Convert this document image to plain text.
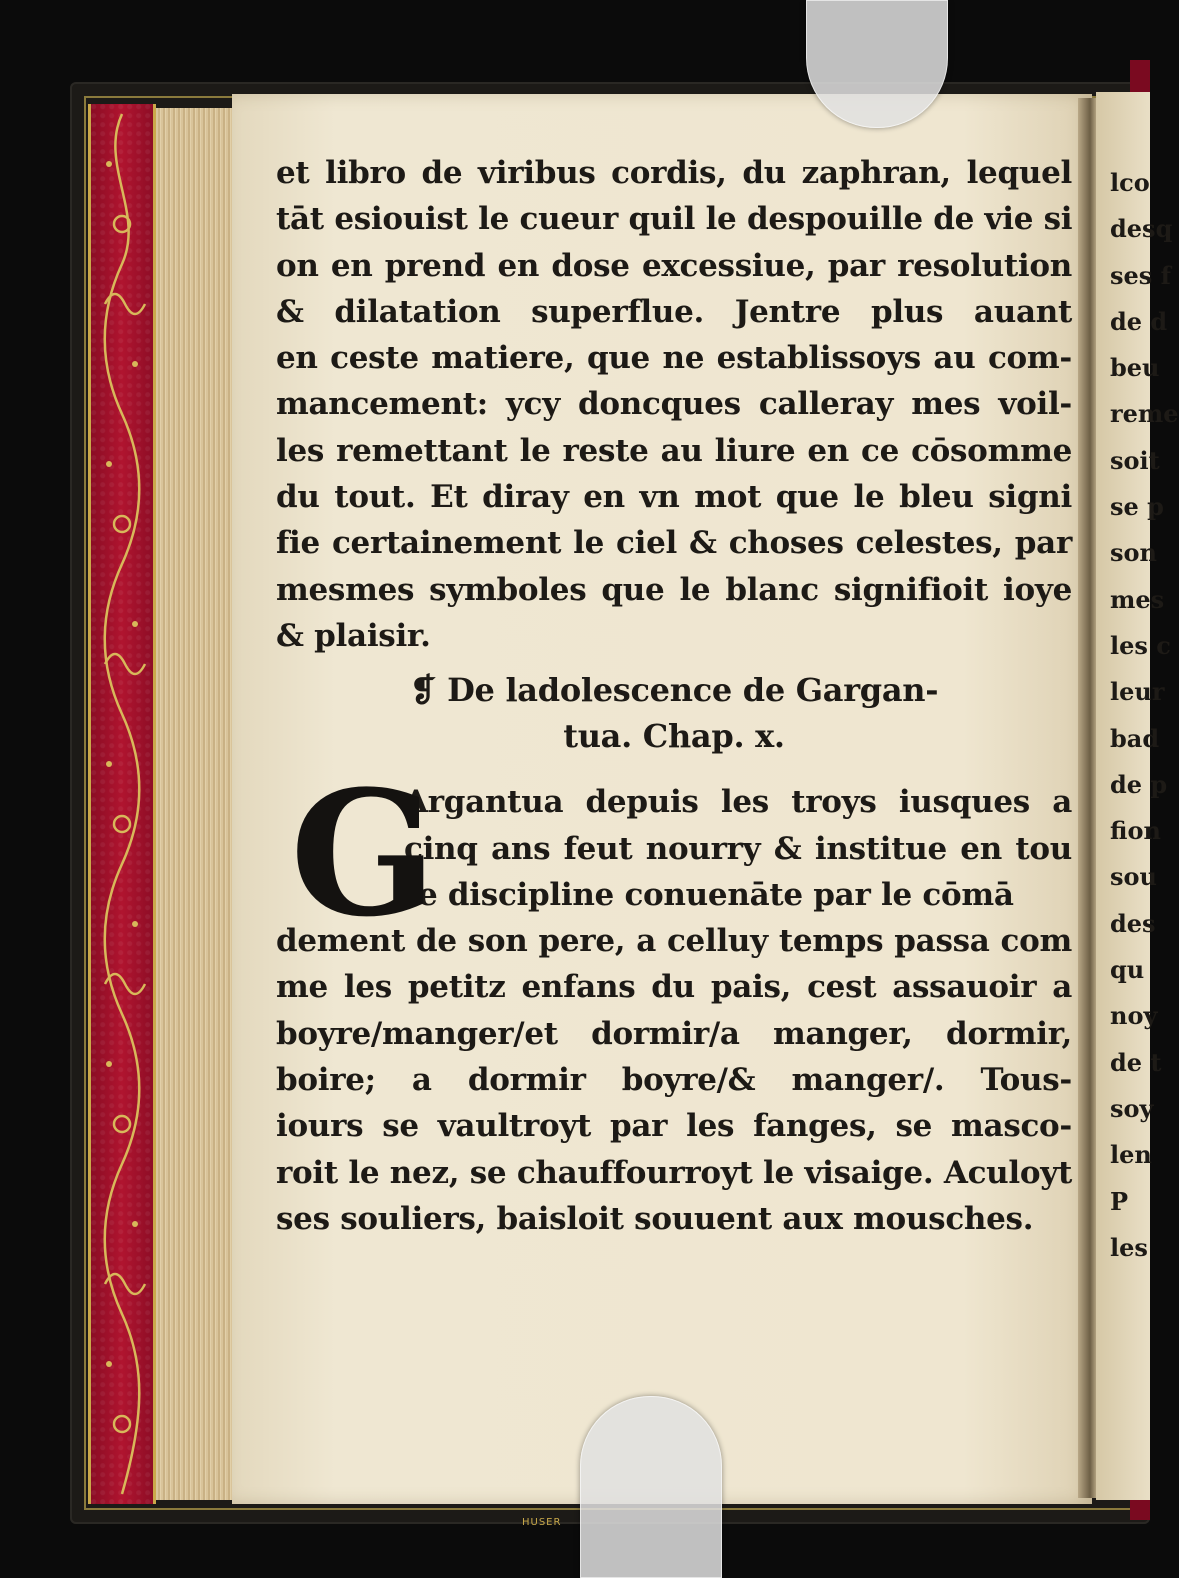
lco
desq
ses f
de d
beu
reme
soit
se p
son
mes
les c
leur
bad
de p
fion
sou
des
qu
noy
de t
soy
len
P
les
et libro de viribus cordis, du zaphran, lequel
tāt esiouist le cueur quil le despouille de vie si
on en prend en dose excessiue, par resolution
& dilatation superflue. Jentre plus auant
en ceste matiere, que ne establissoys au com-
mancement: ycy doncques calleray mes voil-
les remettant le reste au liure en ce cōsomme
du tout. Et diray en vn mot que le bleu signi
fie certainement le ciel & choses celestes, par
mesmes symboles que le blanc signifioit ioye
& plaisir.
❡ De ladolescence de Gargan-
tua. Chap. x.
G
Argantua depuis les troys iusques a
cinq ans feut nourry & institue en tou
te discipline conuenāte par le cōmā
dement de son pere, a celluy temps passa com
me les petitz enfans du pais, cest assauoir a
boyre/manger/et dormir/a manger, dormir,
boire; a dormir boyre/& manger/. Tous-
iours se vaultroyt par les fanges, se masco-
roit le nez, se chauffourroyt le visaige. Aculoyt
ses souliers, baisloit souuent aux mousches.
HUSER
